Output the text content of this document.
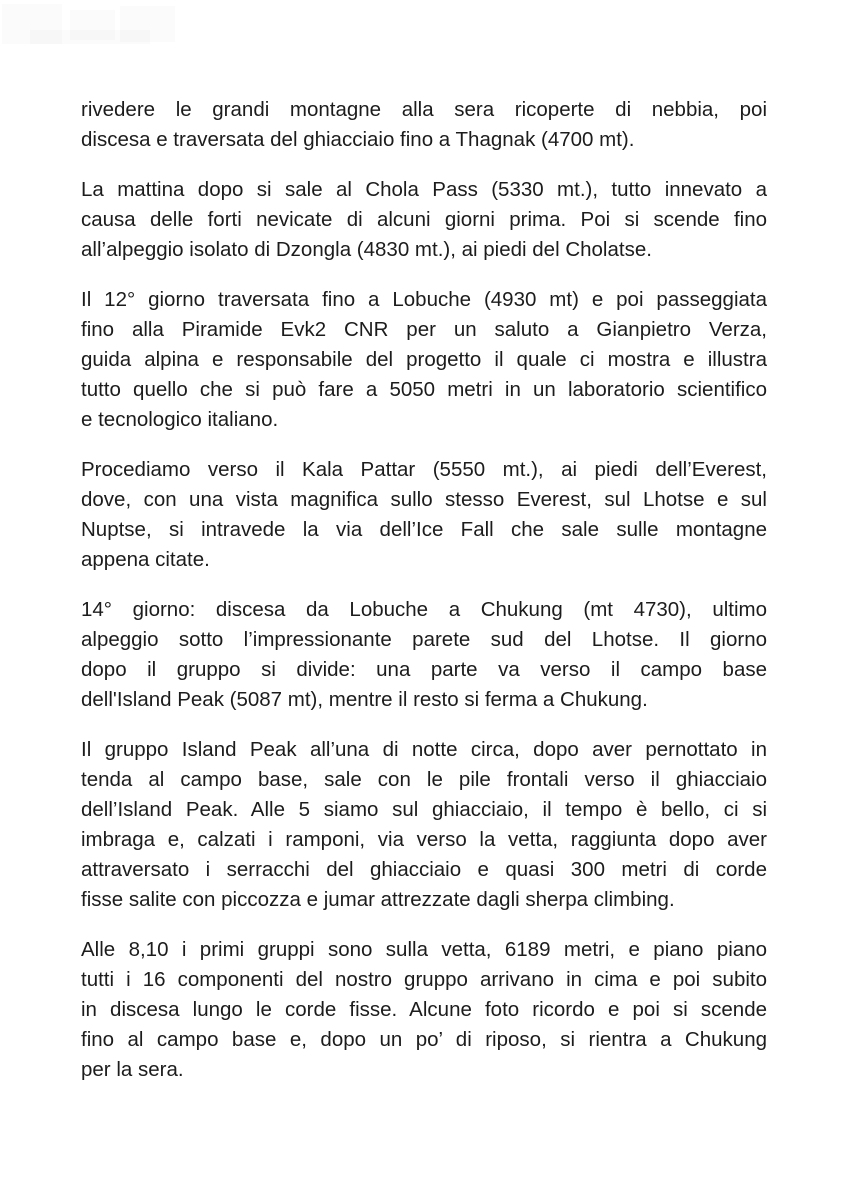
rivedere le grandi montagne alla sera ricoperte di nebbia, poi
discesa e traversata del ghiacciaio fino a Thagnak (4700 mt).

La mattina dopo si sale al Chola Pass (5330 mt.), tutto innevato a
causa delle forti nevicate di alcuni giorni prima. Poi si scende fino
all’alpeggio isolato di Dzongla (4830 mt.), ai piedi del Cholatse.

Il 12° giorno traversata fino a Lobuche (4930 mt) e poi passeggiata
fino alla Piramide Evk2 CNR per un saluto a Gianpietro Verza,
guida alpina e responsabile del progetto il quale ci mostra e illustra
tutto quello che si può fare a 5050 metri in un laboratorio scientifico
e tecnologico italiano.

Procediamo verso il Kala Pattar (5550 mt.), ai piedi dell’Everest,
dove, con una vista magnifica sullo stesso Everest, sul Lhotse e sul
Nuptse, si intravede la via dell’Ice Fall che sale sulle montagne
appena citate.

14° giorno: discesa da Lobuche a Chukung (mt 4730), ultimo
alpeggio sotto l’impressionante parete sud del Lhotse. Il giorno
dopo il gruppo si divide: una parte va verso il campo base
dell'Island Peak (5087 mt), mentre il resto si ferma a Chukung.

Il gruppo Island Peak all’una di notte circa, dopo aver pernottato in
tenda al campo base, sale con le pile frontali verso il ghiacciaio
dell’Island Peak. Alle 5 siamo sul ghiacciaio, il tempo è bello, ci si
imbraga e, calzati i ramponi, via verso la vetta, raggiunta dopo aver
attraversato i serracchi del ghiacciaio e quasi 300 metri di corde
fisse salite con piccozza e jumar attrezzate dagli sherpa climbing.

Alle 8,10 i primi gruppi sono sulla vetta, 6189 metri, e piano piano
tutti i 16 componenti del nostro gruppo arrivano in cima e poi subito
in discesa lungo le corde fisse. Alcune foto ricordo e poi si scende
fino al campo base e, dopo un po’ di riposo, si rientra a Chukung
per la sera.
